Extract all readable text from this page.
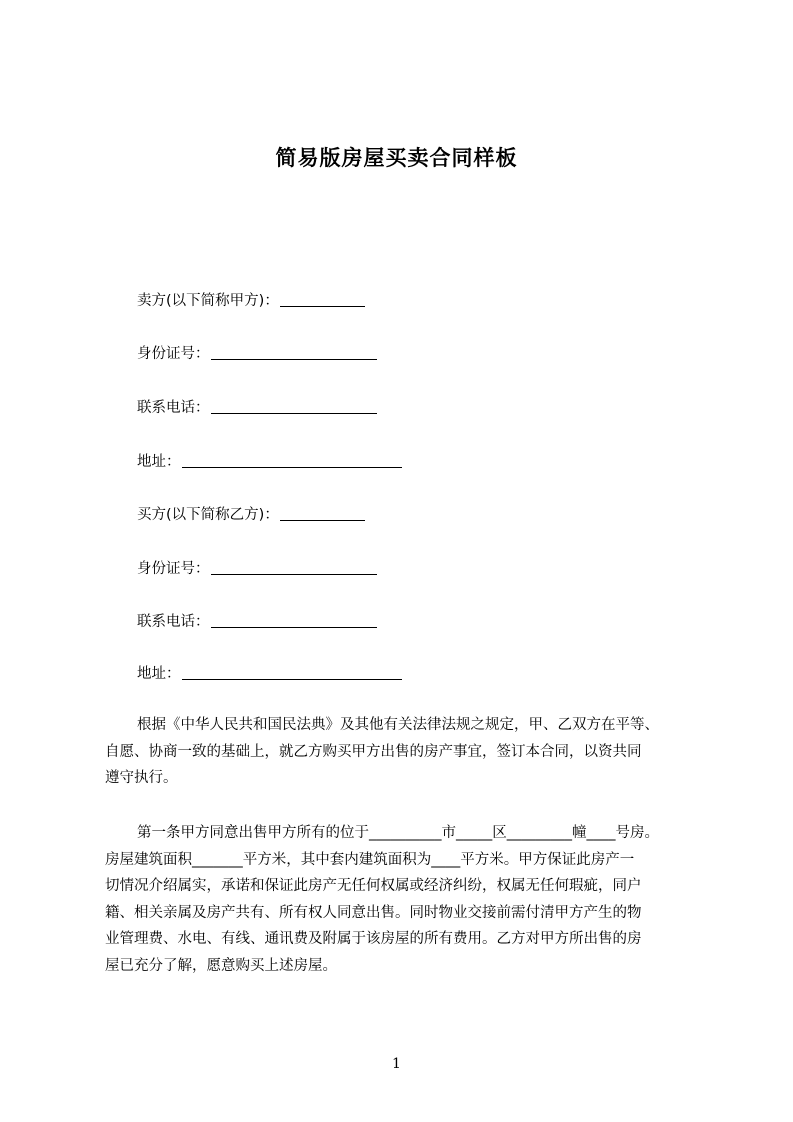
简易版房屋买卖合同样板
卖方(以下简称甲方)：
身份证号：
联系电话：
地址：
买方(以下简称乙方)：
身份证号：
联系电话：
地址：
根据《中华人民共和国民法典》及其他有关法律法规之规定，甲、乙双方在平等、
自愿、协商一致的基础上，就乙方购买甲方出售的房产事宜，签订本合同，以资共同
遵守执行。
第一条甲方同意出售甲方所有的位于__________市_____区_________幢____号房。
房屋建筑面积_______平方米，其中套内建筑面积为____平方米。甲方保证此房产一
切情况介绍属实，承诺和保证此房产无任何权属或经济纠纷，权属无任何瑕疵，同户
籍、相关亲属及房产共有、所有权人同意出售。同时物业交接前需付清甲方产生的物
业管理费、水电、有线、通讯费及附属于该房屋的所有费用。乙方对甲方所出售的房
屋已充分了解，愿意购买上述房屋。
1
